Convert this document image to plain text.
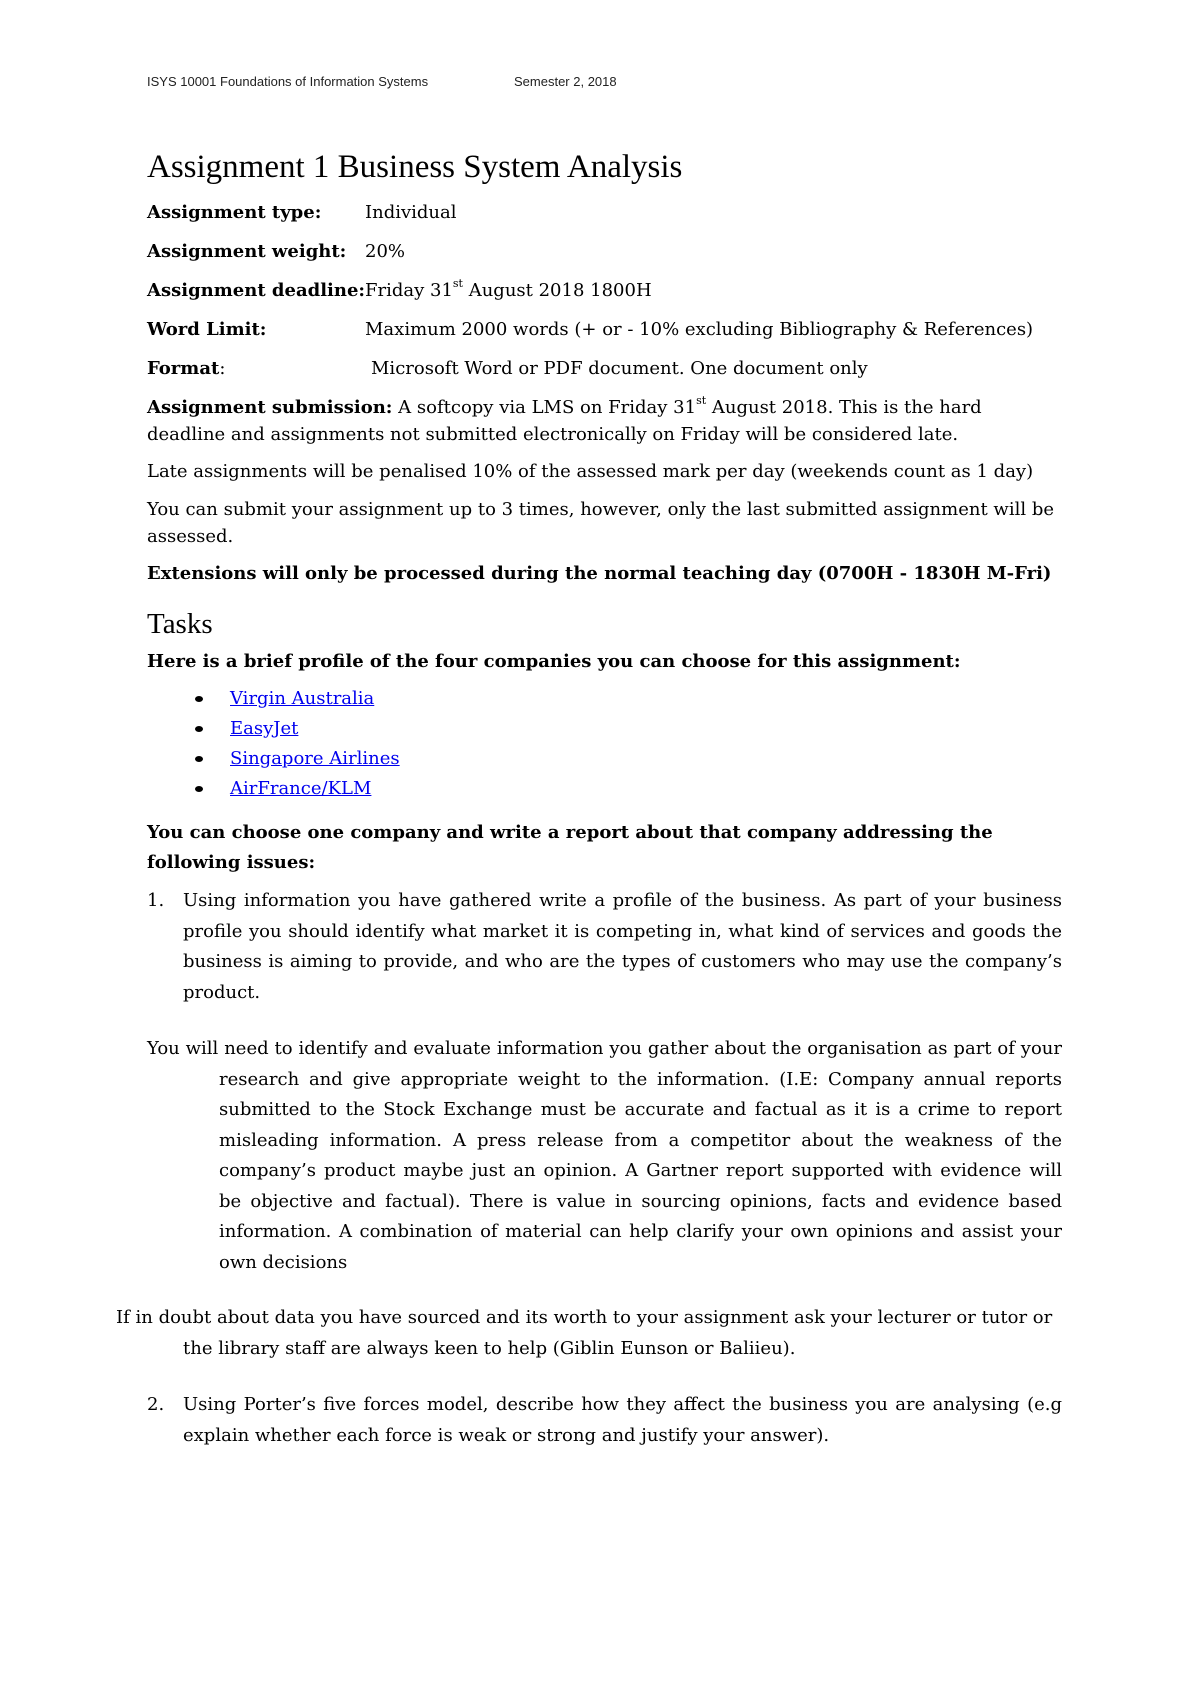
ISYS 10001 Foundations of Information Systems	Semester 2, 2018
Assignment 1 Business System Analysis
Assignment type:	Individual
Assignment weight:	20%
Assignment deadline: Friday 31st August 2018 1800H
Word Limit:	Maximum 2000 words (+ or - 10% excluding Bibliography & References)
Format:	Microsoft Word or PDF document. One document only

Assignment submission: A softcopy via LMS on Friday 31st August 2018. This is the hard deadline and assignments not submitted electronically on Friday will be considered late.

Late assignments will be penalised 10% of the assessed mark per day (weekends count as 1 day)

You can submit your assignment up to 3 times, however, only the last submitted assignment will be assessed.

Extensions will only be processed during the normal teaching day (0700H - 1830H M-Fri)

Tasks

Here is a brief profile of the four companies you can choose for this assignment:

Virgin Australia
EasyJet
Singapore Airlines
AirFrance/KLM

You can choose one company and write a report about that company addressing the following issues:

1.	Using information you have gathered write a profile of the business. As part of your business profile you should identify what market it is competing in, what kind of services and goods the business is aiming to provide, and who are the types of customers who may use the company’s product.
You will need to identify and evaluate information you gather about the organisation as part of your research and give appropriate weight to the information. (I.E: Company annual reports submitted to the Stock Exchange must be accurate and factual as it is a crime to report misleading information. A press release from a competitor about the weakness of the company’s product maybe just an opinion. A Gartner report supported with evidence will be objective and factual). There is value in sourcing opinions, facts and evidence based information. A combination of material can help clarify your own opinions and assist your own decisions
If in doubt about data you have sourced and its worth to your assignment ask your lecturer or tutor or the library staff are always keen to help (Giblin Eunson or Baliieu).
2.	Using Porter’s five forces model, describe how they affect the business you are analysing (e.g explain whether each force is weak or strong and justify your answer).
